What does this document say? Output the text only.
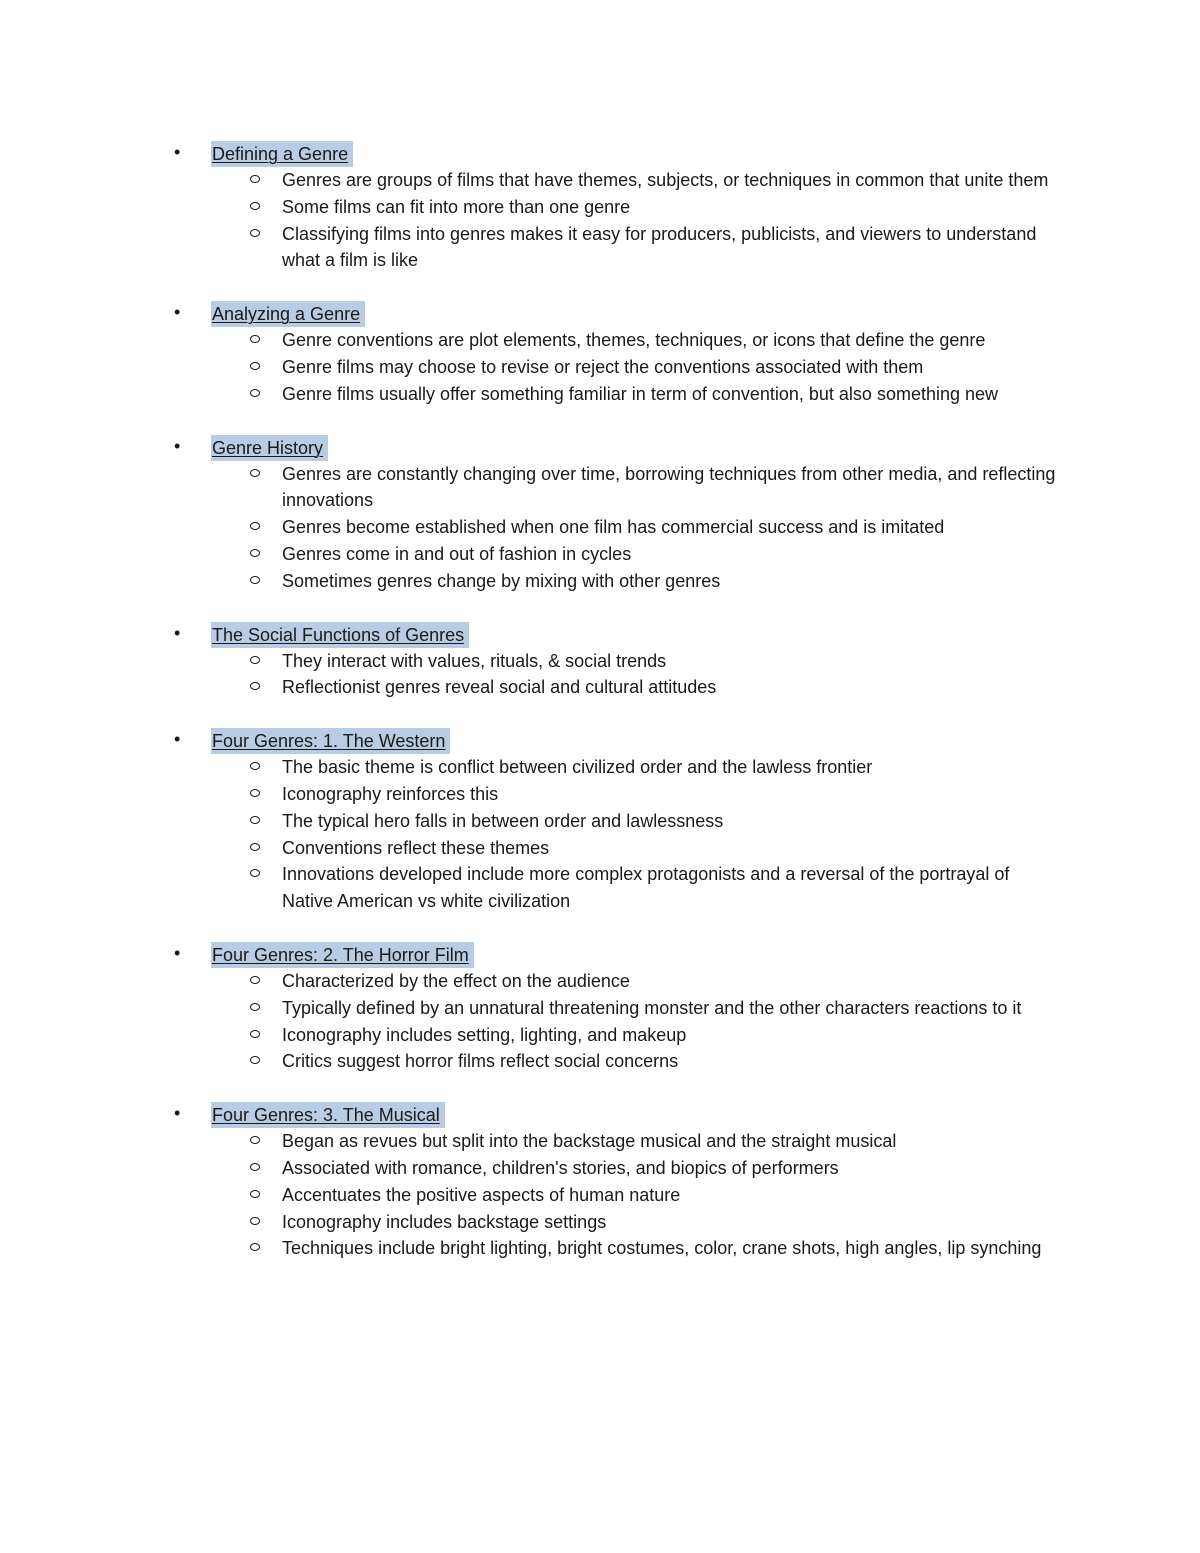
• Defining a Genre
Genres are groups of films that have themes, subjects, or techniques in common that unite them
Some films can fit into more than one genre
Classifying films into genres makes it easy for producers, publicists, and viewers to understand what a film is like
• Analyzing a Genre
Genre conventions are plot elements, themes, techniques, or icons that define the genre
Genre films may choose to revise or reject the conventions associated with them
Genre films usually offer something familiar in term of convention, but also something new
• Genre History
Genres are constantly changing over time, borrowing techniques from other media, and reflecting innovations
Genres become established when one film has commercial success and is imitated
Genres come in and out of fashion in cycles
Sometimes genres change by mixing with other genres
• The Social Functions of Genres
They interact with values, rituals, & social trends
Reflectionist genres reveal social and cultural attitudes
• Four Genres: 1. The Western
The basic theme is conflict between civilized order and the lawless frontier
Iconography reinforces this
The typical hero falls in between order and lawlessness
Conventions reflect these themes
Innovations developed include more complex protagonists and a reversal of the portrayal of Native American vs white civilization
• Four Genres: 2. The Horror Film
Characterized by the effect on the audience
Typically defined by an unnatural threatening monster and the other characters reactions to it
Iconography includes setting, lighting, and makeup
Critics suggest horror films reflect social concerns
• Four Genres: 3. The Musical
Began as revues but split into the backstage musical and the straight musical
Associated with romance, children's stories, and biopics of performers
Accentuates the positive aspects of human nature
Iconography includes backstage settings
Techniques include bright lighting, bright costumes, color, crane shots, high angles, lip synching
